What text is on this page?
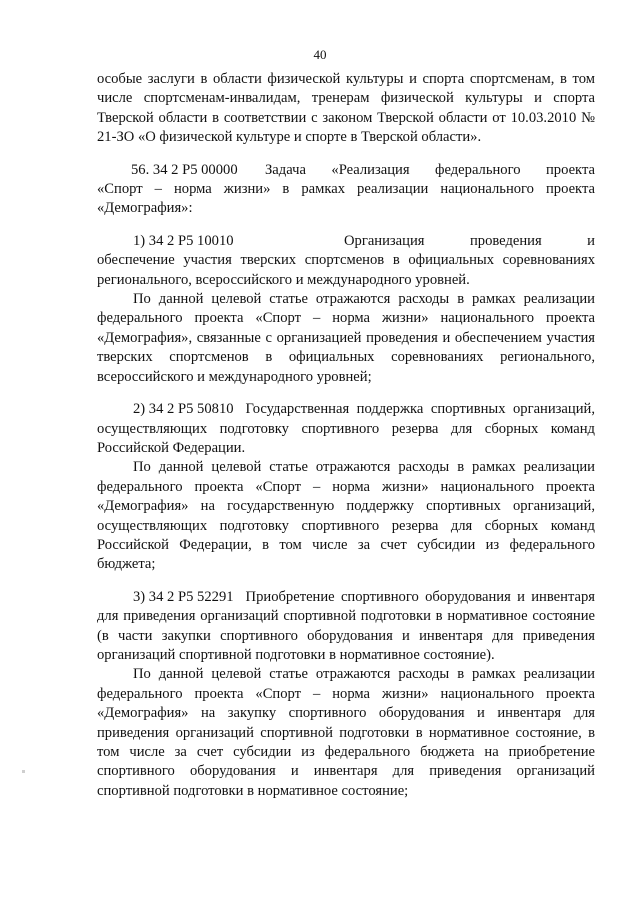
40

особые заслуги в области физической культуры и спорта спортсменам, в том числе спортсменам-инвалидам, тренерам физической культуры и спорта Тверской области в соответствии с законом Тверской области от 10.03.2010 № 21-ЗО «О физической культуре и спорте в Тверской области».

56. 34 2 Р5 00000	Задача «Реализация федерального проекта

«Спорт – норма жизни» в рамках реализации национального проекта «Демография»:

1) 34 2 Р5 10010	Организация проведения и

обеспечение участия тверских спортсменов в официальных соревнованиях регионального, всероссийского и международного уровней.

По данной целевой статье отражаются расходы в рамках реализации федерального проекта «Спорт – норма жизни» национального проекта «Демография», связанные с организацией проведения и обеспечением участия тверских спортсменов в официальных соревнованиях регионального, всероссийского и международного уровней;

2) 34 2 Р5 50810 Государственная поддержка спортивных организаций,

осуществляющих подготовку спортивного резерва для сборных команд Российской Федерации.

По данной целевой статье отражаются расходы в рамках реализации федерального проекта «Спорт – норма жизни» национального проекта «Демография» на государственную поддержку спортивных организаций, осуществляющих подготовку спортивного резерва для сборных команд Российской Федерации, в том числе за счет субсидии из федерального бюджета;

3) 34 2 Р5 52291 Приобретение спортивного оборудования и инвентаря

для приведения организаций спортивной подготовки в нормативное состояние (в части закупки спортивного оборудования и инвентаря для приведения организаций спортивной подготовки в нормативное состояние).

По данной целевой статье отражаются расходы в рамках реализации федерального проекта «Спорт – норма жизни» национального проекта «Демография» на закупку спортивного оборудования и инвентаря для приведения организаций спортивной подготовки в нормативное состояние, в том числе за счет субсидии из федерального бюджета на приобретение спортивного оборудования и инвентаря для приведения организаций спортивной подготовки в нормативное состояние;
